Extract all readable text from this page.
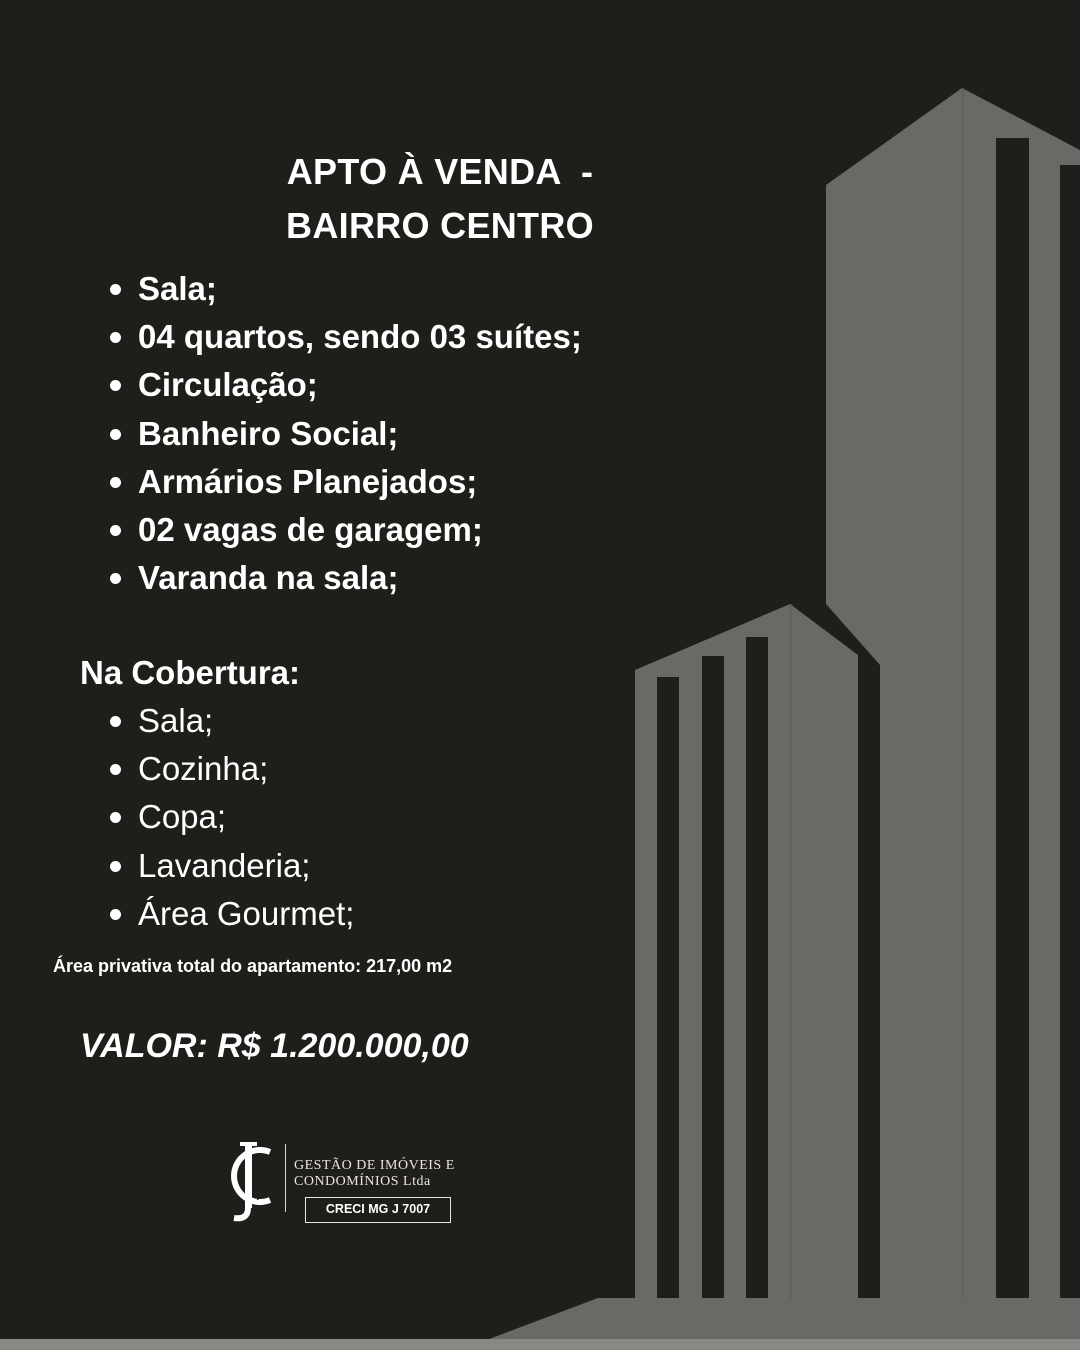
APTO À VENDA  -
BAIRRO CENTRO
Sala;
04 quartos, sendo 03 suítes;
Circulação;
Banheiro Social;
Armários Planejados;
02 vagas de garagem;
Varanda na sala;
Na Cobertura:
Sala;
Cozinha;
Copa;
Lavanderia;
Área Gourmet;
Área privativa total do apartamento: 217,00 m2
VALOR: R$ 1.200.000,00
GESTÃO DE IMÓVEIS E
CONDOMÍNIOS Ltda
CRECI MG J 7007
